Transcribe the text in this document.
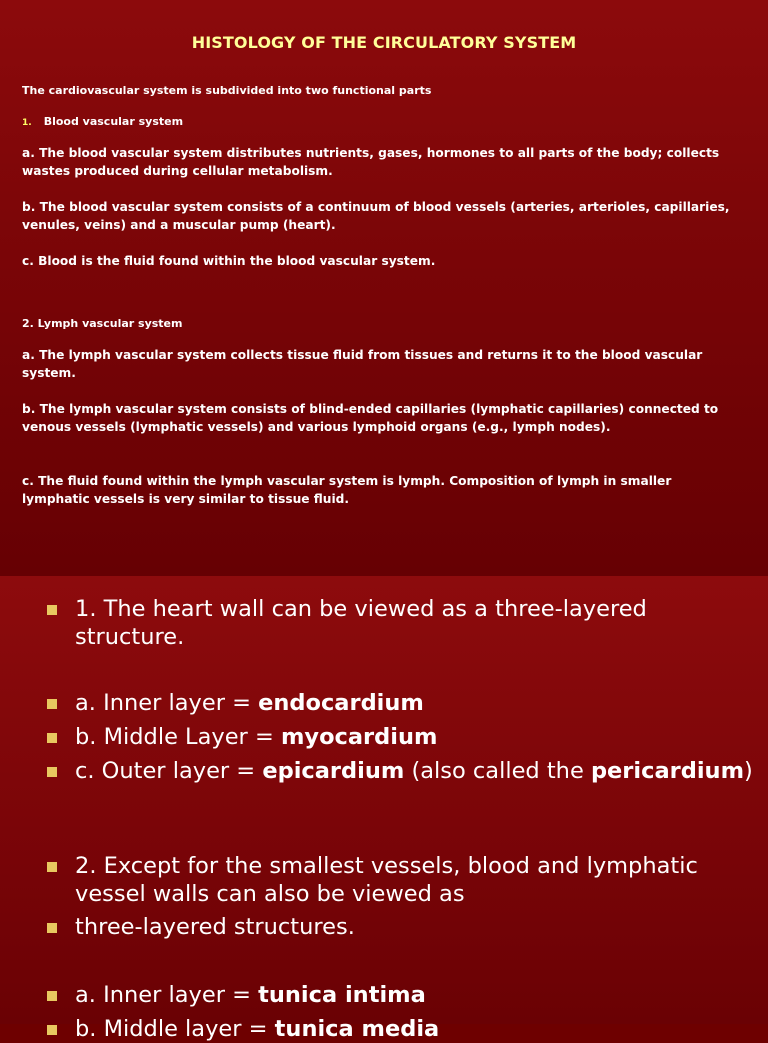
HISTOLOGY OF THE CIRCULATORY SYSTEM
The cardiovascular system is subdivided into two functional parts
1. Blood vascular system
a. The blood vascular system distributes nutrients, gases, hormones to all parts of the body; collects wastes produced during cellular metabolism.
b. The blood vascular system consists of a continuum of blood vessels (arteries, arterioles, capillaries, venules, veins) and a muscular pump (heart).
c. Blood is the fluid found within the blood vascular system.
2. Lymph vascular system
a. The lymph vascular system collects tissue fluid from tissues and returns it to the blood vascular system.
b. The lymph vascular system consists of blind-ended capillaries (lymphatic capillaries) connected to venous vessels (lymphatic vessels) and various lymphoid organs (e.g., lymph nodes).
c. The fluid found within the lymph vascular system is lymph. Composition of lymph in smaller lymphatic vessels is very similar to tissue fluid.
1. The heart wall can be viewed as a three-layered structure.
a. Inner layer = endocardium
b. Middle Layer = myocardium
c. Outer layer = epicardium (also called the pericardium)
2. Except for the smallest vessels, blood and lymphatic vessel walls can also be viewed as
three-layered structures.
a. Inner layer = tunica intima
b. Middle layer = tunica media
